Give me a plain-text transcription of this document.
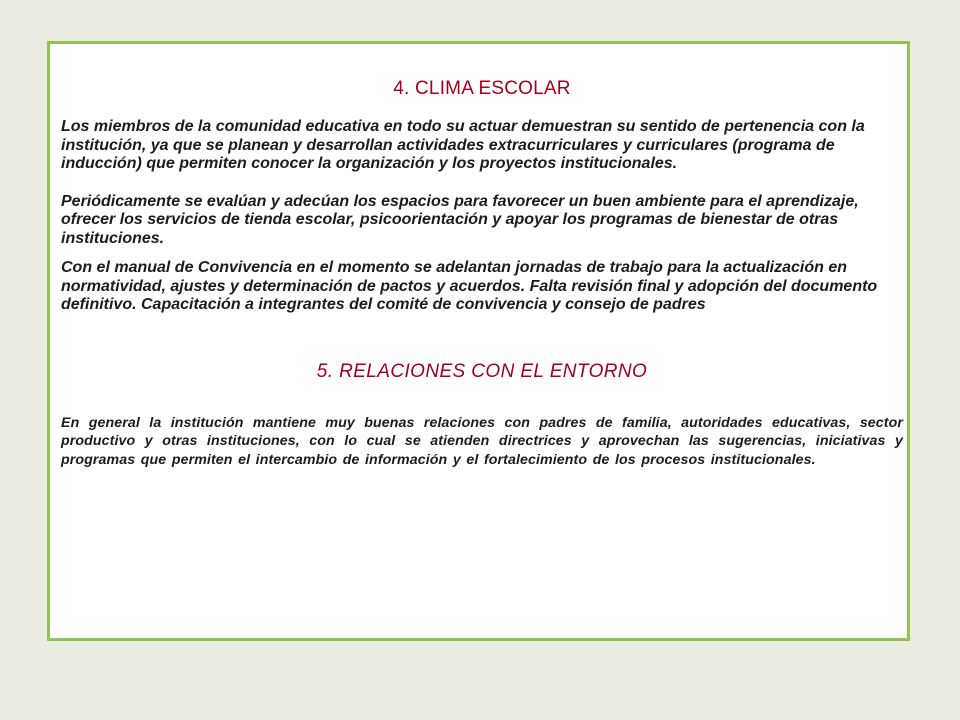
4. CLIMA ESCOLAR

Los miembros de la comunidad educativa en todo su actuar demuestran su sentido de pertenencia con la institución, ya que se planean y desarrollan actividades extracurriculares y curriculares (programa de inducción) que permiten conocer la organización y los proyectos institucionales.

Periódicamente se evalúan y adecúan los espacios para favorecer un buen ambiente para el aprendizaje, ofrecer los servicios de tienda escolar, psicoorientación y apoyar los programas de bienestar de otras instituciones.

Con el manual de Convivencia en el momento se adelantan jornadas de trabajo para la actualización en normatividad, ajustes y determinación de pactos y acuerdos. Falta revisión final y adopción del documento definitivo. Capacitación a integrantes del comité de convivencia y consejo de padres

5. RELACIONES CON EL ENTORNO

En general la institución mantiene muy buenas relaciones con padres de familia, autoridades educativas, sector productivo y otras instituciones, con lo cual se atienden directrices y aprovechan las sugerencias, iniciativas y programas que permiten el intercambio de información y el fortalecimiento de los procesos institucionales.
